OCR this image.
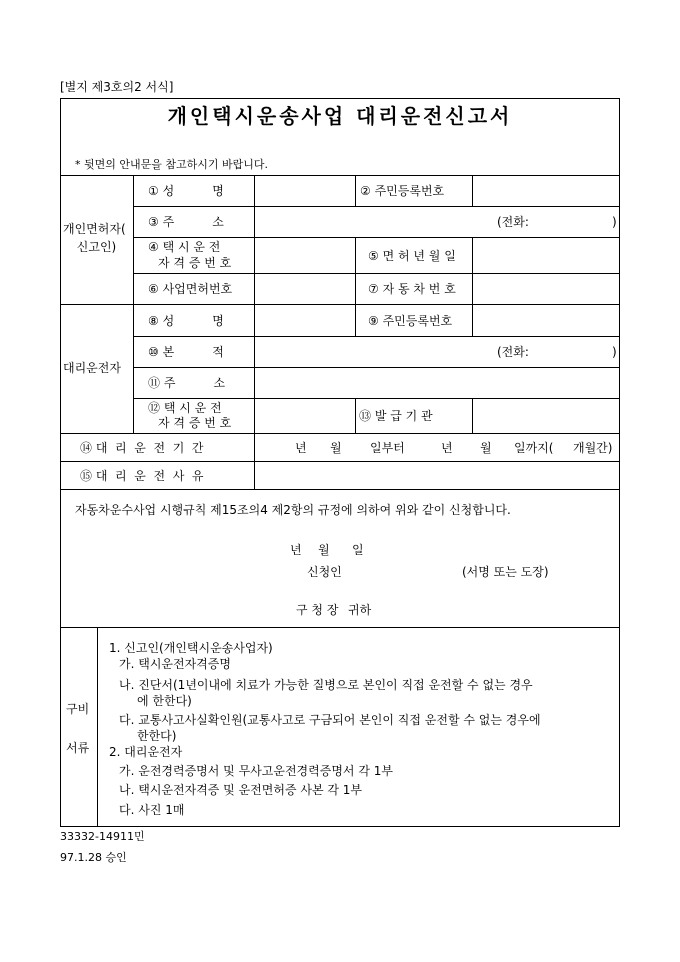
[별지 제3호의2 서식]
개인택시운송사업 대리운전신고서
* 뒷면의 안내문을 참고하시기 바랍니다.
개인면허자(
신고인)
① 성          명	② 주민등록번호
③ 주          소	(전화:	)
④ 택 시 운 전
자 격 증 번 호	⑤ 면 허 년 월 일
⑥ 사업면허번호	⑦ 자 동 차 번 호
대리운전자
⑧ 성          명	⑨ 주민등록번호
⑩ 본          적	(전화:	)
⑪ 주          소
⑫ 택 시 운 전
자 격 증 번 호	⑬ 발 급 기 관
⑭ 대  리  운  전  기  간	년 월 일부터	년 월 일까지( 개월간)
⑮ 대  리  운  전  사  유
자동차운수사업 시행규칙 제15조의4 제2항의 규정에 의하여 위와 같이 신청합니다.
년 월 일
신청인	(서명 또는 도장)
구 청 장 귀하
구비
서류
1. 신고인(개인택시운송사업자)
가. 택시운전자격증명
나. 진단서(1년이내에 치료가 가능한 질병으로 본인이 직접 운전할 수 없는 경우
에 한한다)
다. 교통사고사실확인원(교통사고로 구금되어 본인이 직접 운전할 수 없는 경우에
한한다)
2. 대리운전자
가. 운전경력증명서 및 무사고운전경력증명서 각 1부
나. 택시운전자격증 및 운전면허증 사본 각 1부
다. 사진 1매
33332-14911민
97.1.28 승인
